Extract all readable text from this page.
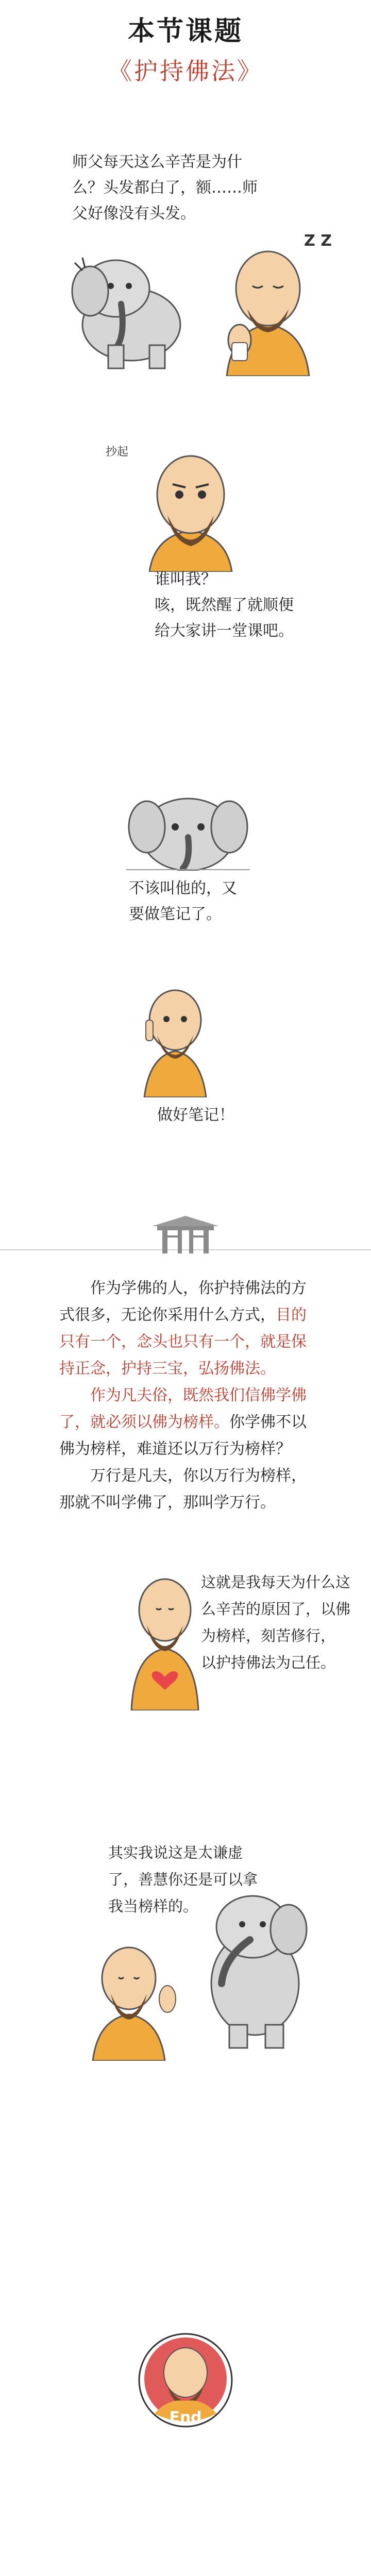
本节课题
《护持佛法》
师父每天这么辛苦是为什
么？头发都白了，额……师
父好像没有头发。
Z Z
抄起
谁叫我？
咳，既然醒了就顺便
给大家讲一堂课吧。
不该叫他的，又
要做笔记了。
做好笔记！
作为学佛的人，你护持佛法的方式很多，无论你采用什么方式，目的只有一个，念头也只有一个，就是保持正念，护持三宝，弘扬佛法。
作为凡夫俗，既然我们信佛学佛了，就必须以佛为榜样。你学佛不以佛为榜样，难道还以万行为榜样？
万行是凡夫，你以万行为榜样，那就不叫学佛了，那叫学万行。
这就是我每天为什么这
么辛苦的原因了，以佛
为榜样，刻苦修行，
以护持佛法为己任。
其实我说这是太谦虚
了，善慧你还是可以拿
我当榜样的。
End
